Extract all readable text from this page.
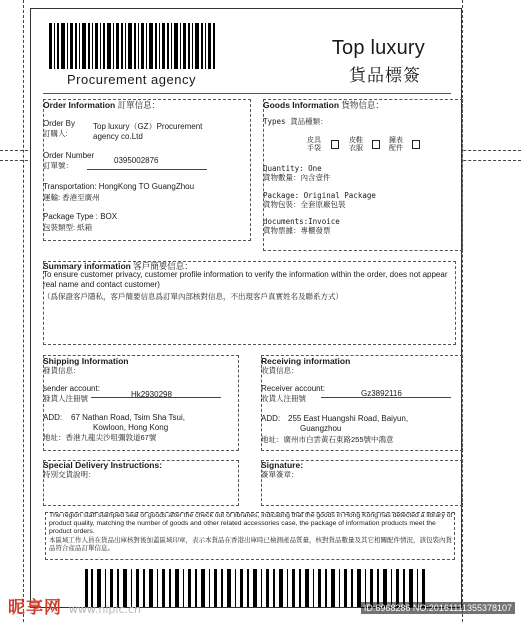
Procurement agency
Top luxury
貨品標簽
Order Information 訂單信息：
Order By
訂購人:
Top luxury（GZ）Procurement
agency co.Ltd
Order Number
訂單號：
0395002876
Transportation: HongKong TO GuangZhou
運輸: 香港至廣州
Package Type : BOX
包裝類型: 紙箱
Goods Information 貨物信息：
Types 貨品種類：
皮具 手袋
皮鞋 衣服
鐘表 配件
Quantity: One
貨物數量：內含壹件
Package: Original Package
貨物包裝：全套原廠包裝
documents:Invoice
貨物票據：專櫃發票
Summary information 客戶簡要信息：
To ensure customer privacy, customer profile information to verify the information within the order, does not appear real name and contact customer)
（爲保證客戶隱私，客戶簡要信息爲訂單內部核對信息，不出現客戶真實姓名及聯系方式）
Shipping Information
發貨信息：
sender account:
Hk2930298
發貨人注冊號
ADD: 67 Nathan Road, Tsim Sha Tsui,
Kowloon, Hong Kong
地址：香港九龍尖沙咀彌敦道67號
Receiving information
收貨信息：
Receiver account:
Gz3892116
收貨人注冊號
ADD: 255 East Huangshi Road, Baiyun,
Guangzhou
地址：廣州市白雲黃石東路255號中鴻意
Special Delivery Instructions:
特別交貨說明：
Signature:
簽單簽章：
The region staff stamped seal of goods after the check out of libraries, indicating that the goods in Hong Kong has detected a library of product quality, matching the number of goods and other related accessories case, the package of information products meet the product orders.
本區域工作人員在貨品出庫核對後加蓋區域印章，表示本貨品在香港出庫時已檢測產品質量，核對貨品數量及其它相關配件情況，該包裝內貨品符合産品訂單信息。
昵享网 www.nipic.cn	ID:6968286 NO:20161111355378107
